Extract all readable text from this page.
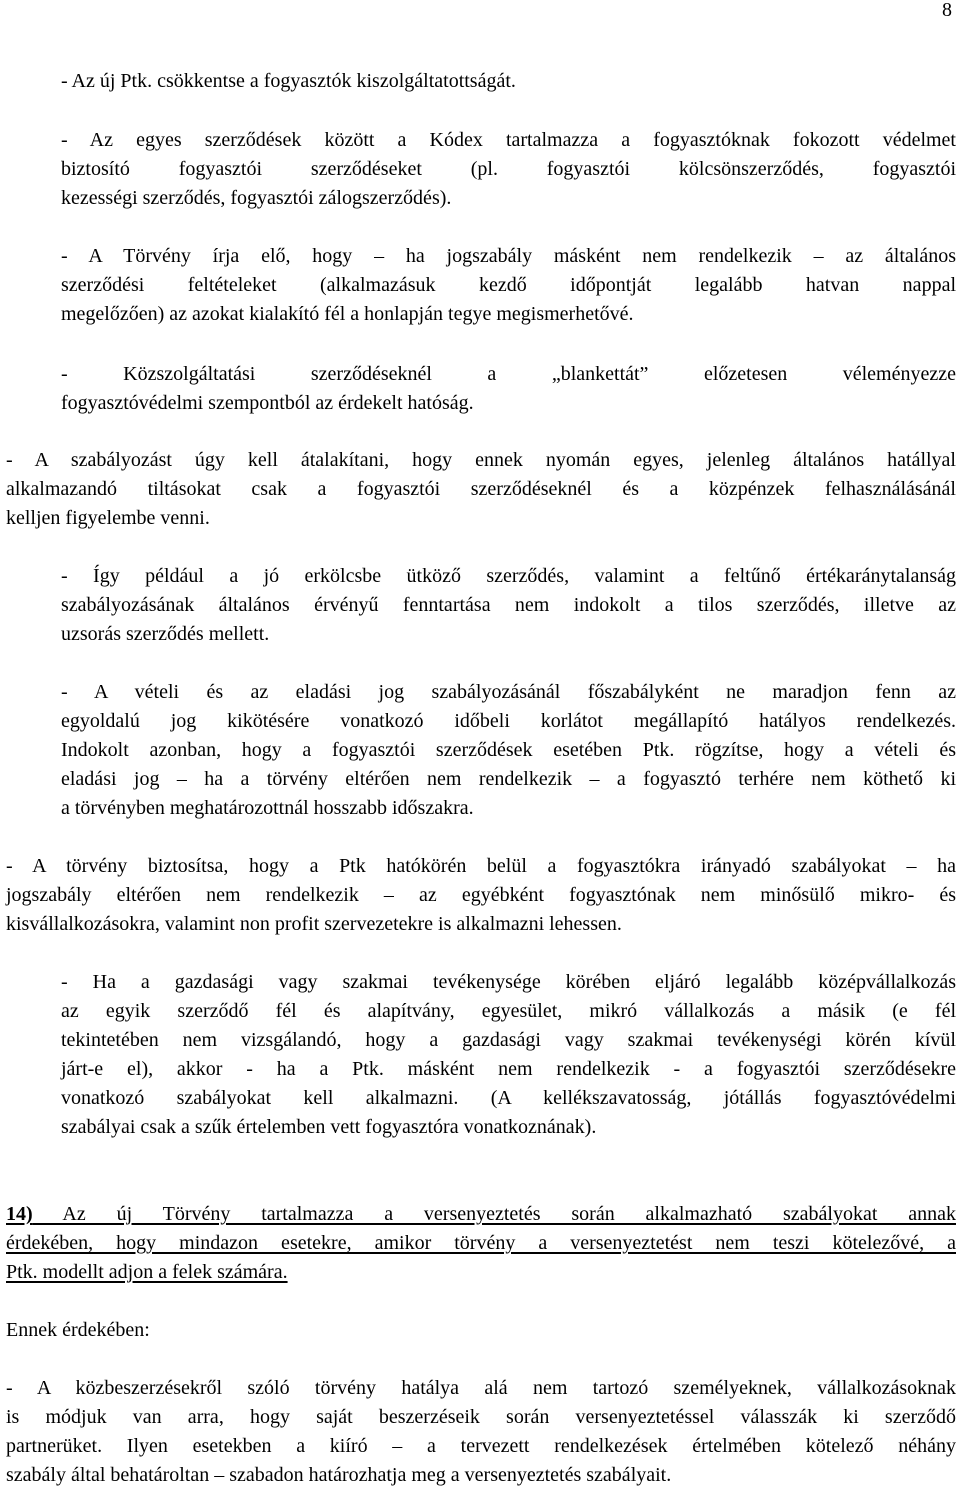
8
- Az új Ptk. csökkentse a fogyasztók kiszolgáltatottságát.
- Az egyes szerződések között a Kódex tartalmazza a fogyasztóknak fokozott védelmet
biztosító fogyasztói szerződéseket (pl. fogyasztói kölcsönszerződés, fogyasztói
kezességi szerződés, fogyasztói zálogszerződés).
- A Törvény írja elő, hogy – ha jogszabály másként nem rendelkezik – az általános
szerződési feltételeket (alkalmazásuk kezdő időpontját legalább hatvan nappal
megelőzően) az azokat kialakító fél a honlapján tegye megismerhetővé.
- Közszolgáltatási szerződéseknél a „blankettát” előzetesen véleményezze
fogyasztóvédelmi szempontból az érdekelt hatóság.
- A szabályozást úgy kell átalakítani, hogy ennek nyomán egyes, jelenleg általános hatállyal
alkalmazandó tiltásokat csak a fogyasztói szerződéseknél és a közpénzek felhasználásánál
kelljen figyelembe venni.
- Így például a jó erkölcsbe ütköző szerződés, valamint a feltűnő értékaránytalanság
szabályozásának általános érvényű fenntartása nem indokolt a tilos szerződés, illetve az
uzsorás szerződés mellett.
- A vételi és az eladási jog szabályozásánál főszabályként ne maradjon fenn az
egyoldalú jog kikötésére vonatkozó időbeli korlátot megállapító hatályos rendelkezés.
Indokolt azonban, hogy a fogyasztói szerződések esetében Ptk. rögzítse, hogy a vételi és
eladási jog – ha a törvény eltérően nem rendelkezik – a fogyasztó terhére nem köthető ki
a törvényben meghatározottnál hosszabb időszakra.
- A törvény biztosítsa, hogy a Ptk hatókörén belül a fogyasztókra irányadó szabályokat – ha
jogszabály eltérően nem rendelkezik – az egyébként fogyasztónak nem minősülő mikro- és
kisvállalkozásokra, valamint non profit szervezetekre is alkalmazni lehessen.
- Ha a gazdasági vagy szakmai tevékenysége körében eljáró legalább középvállalkozás
az egyik szerződő fél és alapítvány, egyesület, mikró vállalkozás a másik (e fél
tekintetében nem vizsgálandó, hogy a gazdasági vagy szakmai tevékenységi körén kívül
járt-e el), akkor - ha a Ptk. másként nem rendelkezik - a fogyasztói szerződésekre
vonatkozó szabályokat kell alkalmazni. (A kellékszavatosság, jótállás fogyasztóvédelmi
szabályai csak a szűk értelemben vett fogyasztóra vonatkoznának).
14) Az új Törvény tartalmazza a versenyeztetés során alkalmazható szabályokat annak
érdekében, hogy mindazon esetekre, amikor törvény a versenyeztetést nem teszi kötelezővé, a
Ptk. modellt adjon a felek számára.
Ennek érdekében:
- A közbeszerzésekről szóló törvény hatálya alá nem tartozó személyeknek, vállalkozásoknak
is módjuk van arra, hogy saját beszerzéseik során versenyeztetéssel válasszák ki szerződő
partnerüket. Ilyen esetekben a kiíró – a tervezett rendelkezések értelmében kötelező néhány
szabály által behatároltan – szabadon határozhatja meg a versenyeztetés szabályait.
